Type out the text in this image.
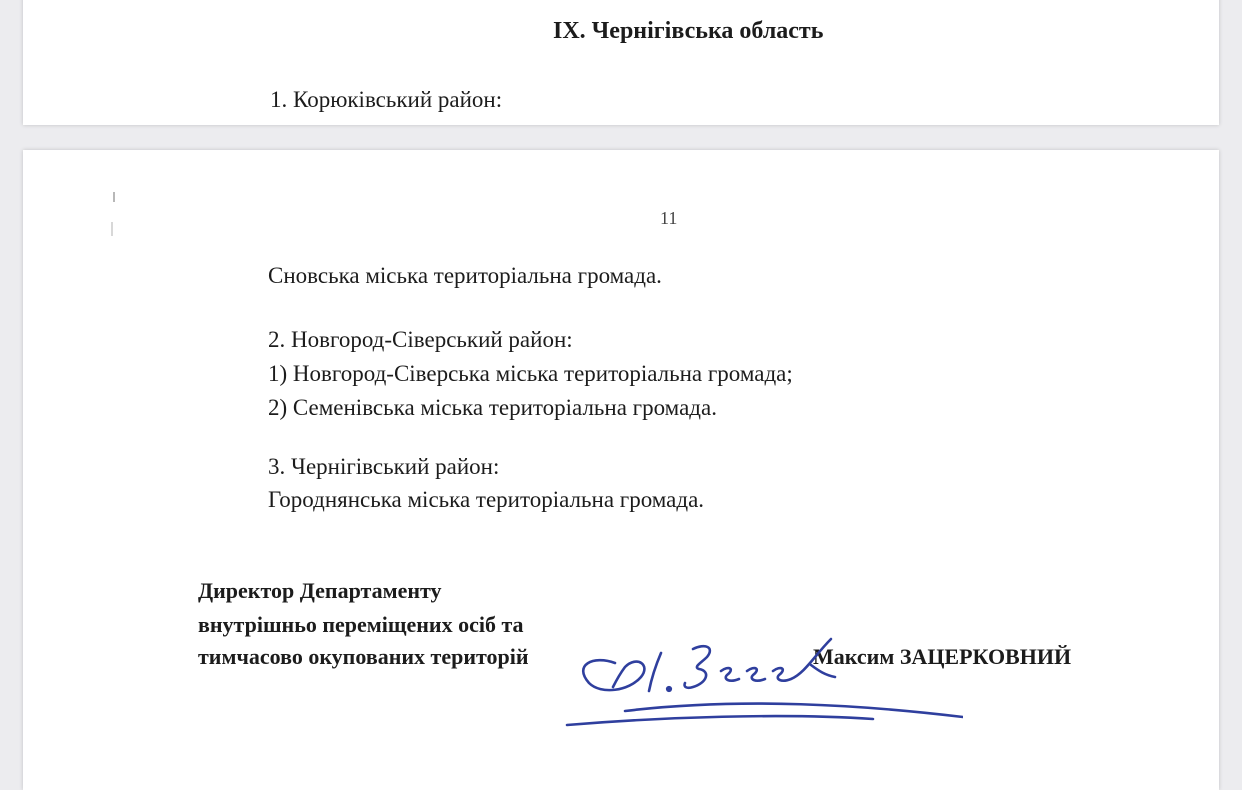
IX. Чернігівська область
1. Корюківський район:
11
Сновська міська територіальна громада.
2. Новгород-Сіверський район:
1) Новгород-Сіверська міська територіальна громада;
2) Семенівська міська територіальна громада.
3. Чернігівський район:
Городнянська міська територіальна громада.
Директор Департаменту
внутрішньо переміщених осіб та
тимчасово окупованих територій	Максим ЗАЦЕРКОВНИЙ
